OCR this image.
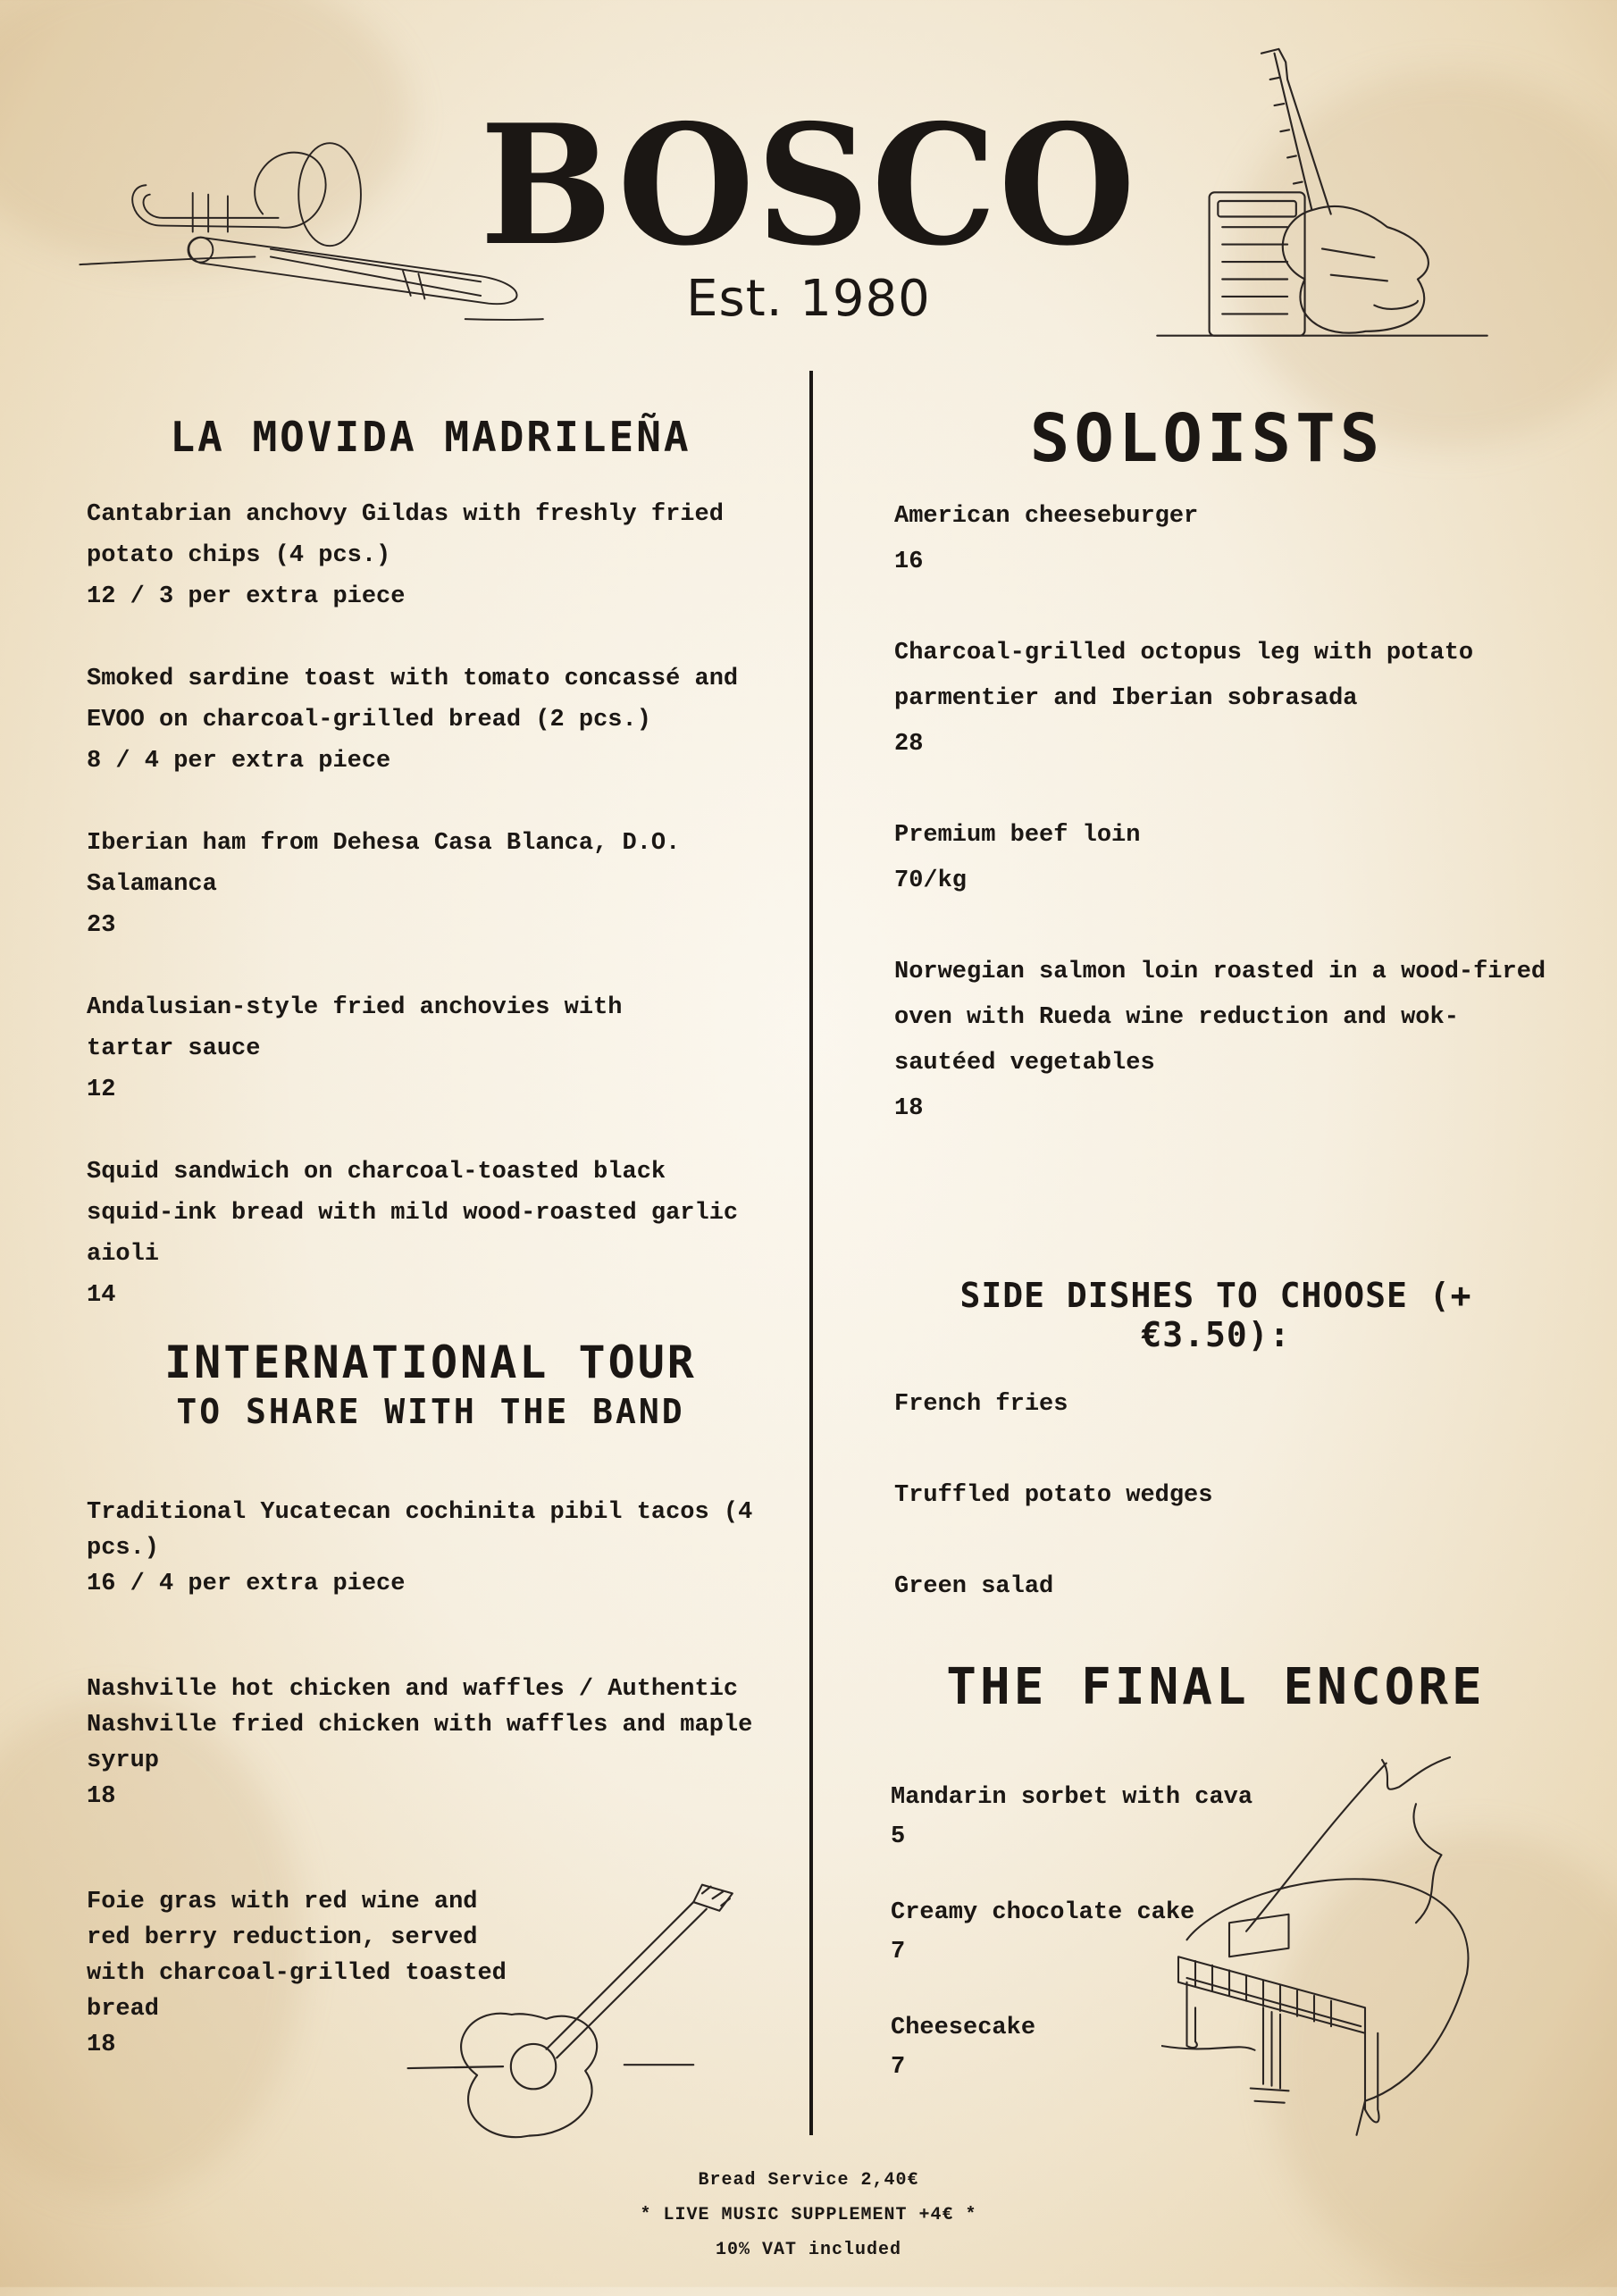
BOSCO
Est. 1980
LA MOVIDA MADRILEÑA
Cantabrian anchovy Gildas with freshly fried potato chips (4 pcs.)
12 / 3 per extra piece
Smoked sardine toast with tomato concassé and EVOO on charcoal-grilled bread (2 pcs.)
8 / 4 per extra piece
Iberian ham from Dehesa Casa Blanca, D.O. Salamanca
23
Andalusian-style fried anchovies with tartar sauce
12
Squid sandwich on charcoal-toasted black squid-ink bread with mild wood-roasted garlic aioli
14
INTERNATIONAL TOUR
TO SHARE WITH THE BAND
Traditional Yucatecan cochinita pibil tacos (4 pcs.)
16 / 4 per extra piece
Nashville hot chicken and waffles / Authentic Nashville fried chicken with waffles and maple syrup
18
Foie gras with red wine and red berry reduction, served with charcoal-grilled toasted bread
18
SOLOISTS
American cheeseburger
16
Charcoal-grilled octopus leg with potato parmentier and Iberian sobrasada
28
Premium beef loin
70/kg
Norwegian salmon loin roasted in a wood-fired oven with Rueda wine reduction and wok-sautéed vegetables
18
SIDE DISHES TO CHOOSE (+€3.50):
French fries
Truffled potato wedges
Green salad
THE FINAL ENCORE
Mandarin sorbet with cava
5
Creamy chocolate cake
7
Cheesecake
7
Bread Service 2,40€
* LIVE MUSIC SUPPLEMENT +4€ *
10% VAT included
